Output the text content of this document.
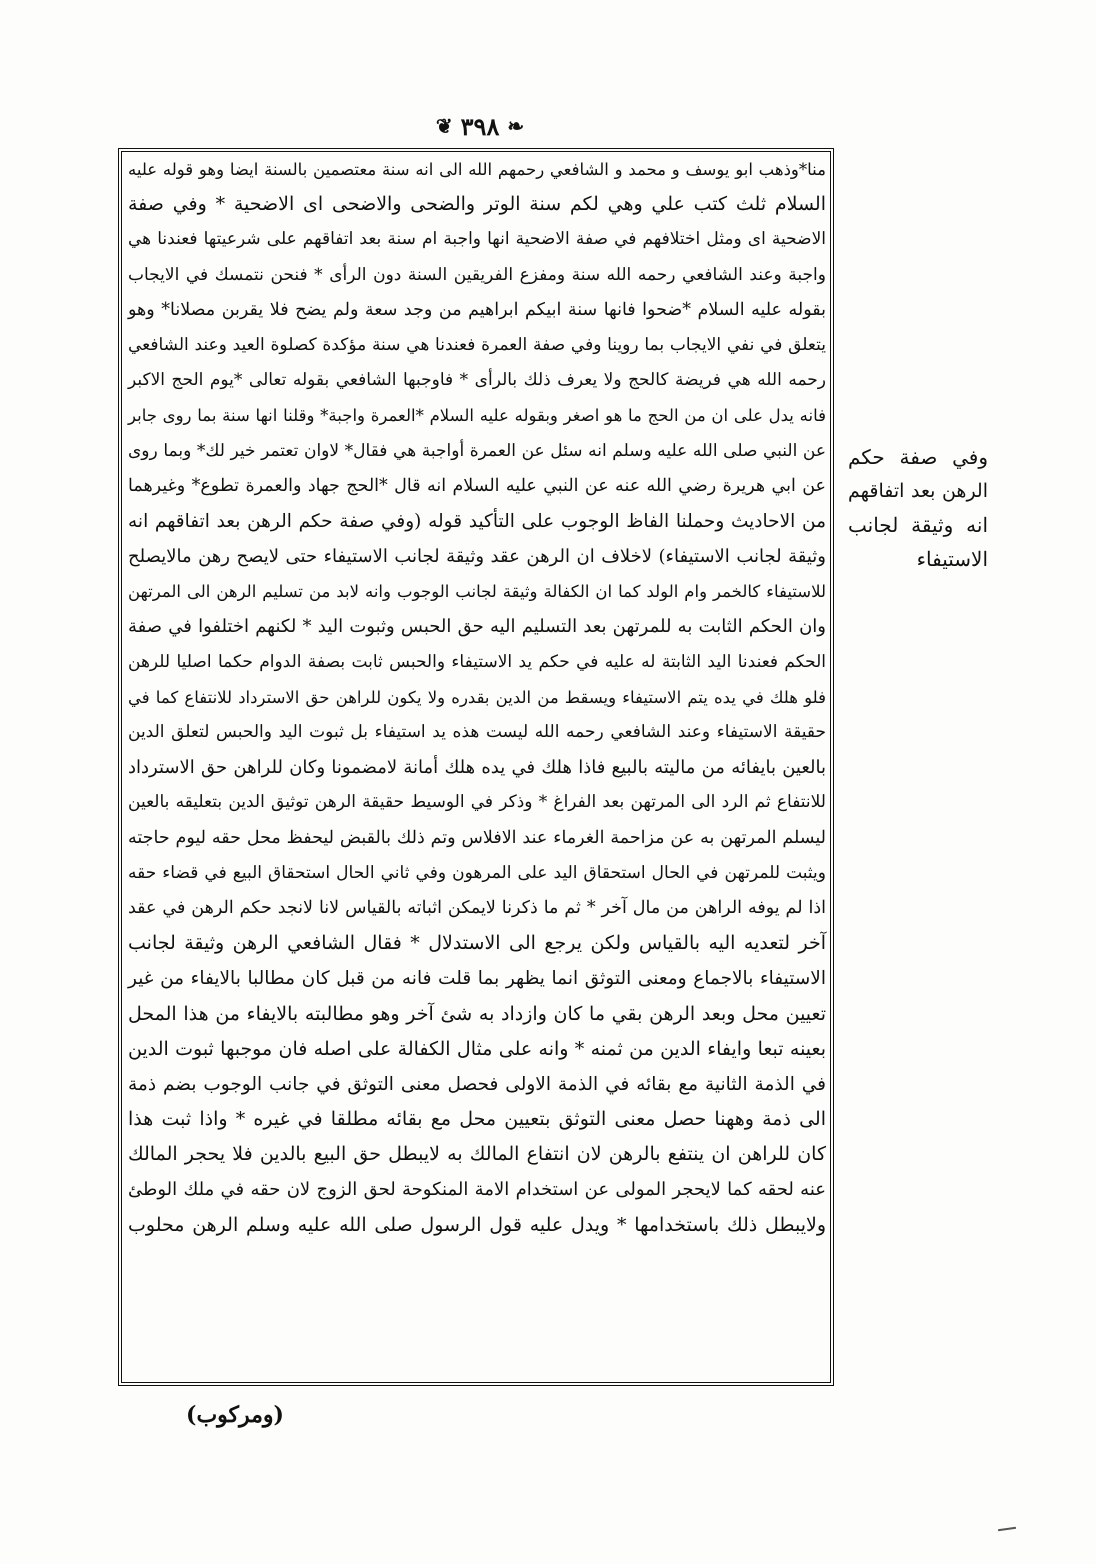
❦ ٣٩٨ ❧
منا*وذهب ابو يوسف و محمد و الشافعي رحمهم الله الى انه سنة معتصمين بالسنة ايضا وهو قوله عليه
السلام ثلث كتب علي وهي لكم سنة الوتر والضحى والاضحى اى الاضحية * وفي صفة
الاضحية اى ومثل اختلافهم في صفة الاضحية انها واجبة ام سنة بعد اتفاقهم على شرعيتها فعندنا هي
واجبة وعند الشافعي رحمه الله سنة ومفزع الفريقين السنة دون الرأى * فنحن نتمسك في الايجاب
بقوله عليه السلام *ضحوا فانها سنة ابيكم ابراهيم من وجد سعة ولم يضح فلا يقربن مصلانا* وهو
يتعلق في نفي الايجاب بما روينا وفي صفة العمرة فعندنا هي سنة مؤكدة كصلوة العيد وعند الشافعي
رحمه الله هي فريضة كالحج ولا يعرف ذلك بالرأى * فاوجبها الشافعي بقوله تعالى *يوم الحج الاكبر
فانه يدل على ان من الحج ما هو اصغر وبقوله عليه السلام *العمرة واجبة* وقلنا انها سنة بما روى جابر
عن النبي صلى الله عليه وسلم انه سئل عن العمرة أواجبة هي فقال* لاوان تعتمر خير لك* وبما روى
عن ابي هريرة رضي الله عنه عن النبي عليه السلام انه قال *الحج جهاد والعمرة تطوع* وغيرهما
من الاحاديث وحملنا الفاظ الوجوب على التأكيد قوله (وفي صفة حكم الرهن بعد اتفاقهم انه
وثيقة لجانب الاستيفاء) لاخلاف ان الرهن عقد وثيقة لجانب الاستيفاء حتى لايصح رهن مالايصلح
للاستيفاء كالخمر وام الولد كما ان الكفالة وثيقة لجانب الوجوب وانه لابد من تسليم الرهن الى المرتهن
وان الحكم الثابت به للمرتهن بعد التسليم اليه حق الحبس وثبوت اليد * لكنهم اختلفوا في صفة
الحكم فعندنا اليد الثابتة له عليه في حكم يد الاستيفاء والحبس ثابت بصفة الدوام حكما اصليا للرهن
فلو هلك في يده يتم الاستيفاء ويسقط من الدين بقدره ولا يكون للراهن حق الاسترداد للانتفاع كما في
حقيقة الاستيفاء وعند الشافعي رحمه الله ليست هذه يد استيفاء بل ثبوت اليد والحبس لتعلق الدين
بالعين بايفائه من ماليته بالبيع فاذا هلك في يده هلك أمانة لامضمونا وكان للراهن حق الاسترداد
للانتفاع ثم الرد الى المرتهن بعد الفراغ * وذكر في الوسيط حقيقة الرهن توثيق الدين بتعليقه بالعين
ليسلم المرتهن به عن مزاحمة الغرماء عند الافلاس وتم ذلك بالقبض ليحفظ محل حقه ليوم حاجته
ويثبت للمرتهن في الحال استحقاق اليد على المرهون وفي ثاني الحال استحقاق البيع في قضاء حقه
اذا لم يوفه الراهن من مال آخر * ثم ما ذكرنا لايمكن اثباته بالقياس لانا لانجد حكم الرهن في عقد
آخر لتعديه اليه بالقياس ولكن يرجع الى الاستدلال * فقال الشافعي الرهن وثيقة لجانب
الاستيفاء بالاجماع ومعنى التوثق انما يظهر بما قلت فانه من قبل كان مطالبا بالايفاء من غير
تعيين محل وبعد الرهن بقي ما كان وازداد به شئ آخر وهو مطالبته بالايفاء من هذا المحل
بعينه تبعا وايفاء الدين من ثمنه * وانه على مثال الكفالة على اصله فان موجبها ثبوت الدين
في الذمة الثانية مع بقائه في الذمة الاولى فحصل معنى التوثق في جانب الوجوب بضم ذمة
الى ذمة وههنا حصل معنى التوثق بتعيين محل مع بقائه مطلقا في غيره * واذا ثبت هذا
كان للراهن ان ينتفع بالرهن لان انتفاع المالك به لايبطل حق البيع بالدين فلا يحجر المالك
عنه لحقه كما لايحجر المولى عن استخدام الامة المنكوحة لحق الزوج لان حقه في ملك الوطئ
ولايبطل ذلك باستخدامها * ويدل عليه قول الرسول صلى الله عليه وسلم الرهن محلوب
وفي صفة حكم
الرهن بعد اتفاقهم
انه وثيقة لجانب
الاستيفاء
(ومركوب)
